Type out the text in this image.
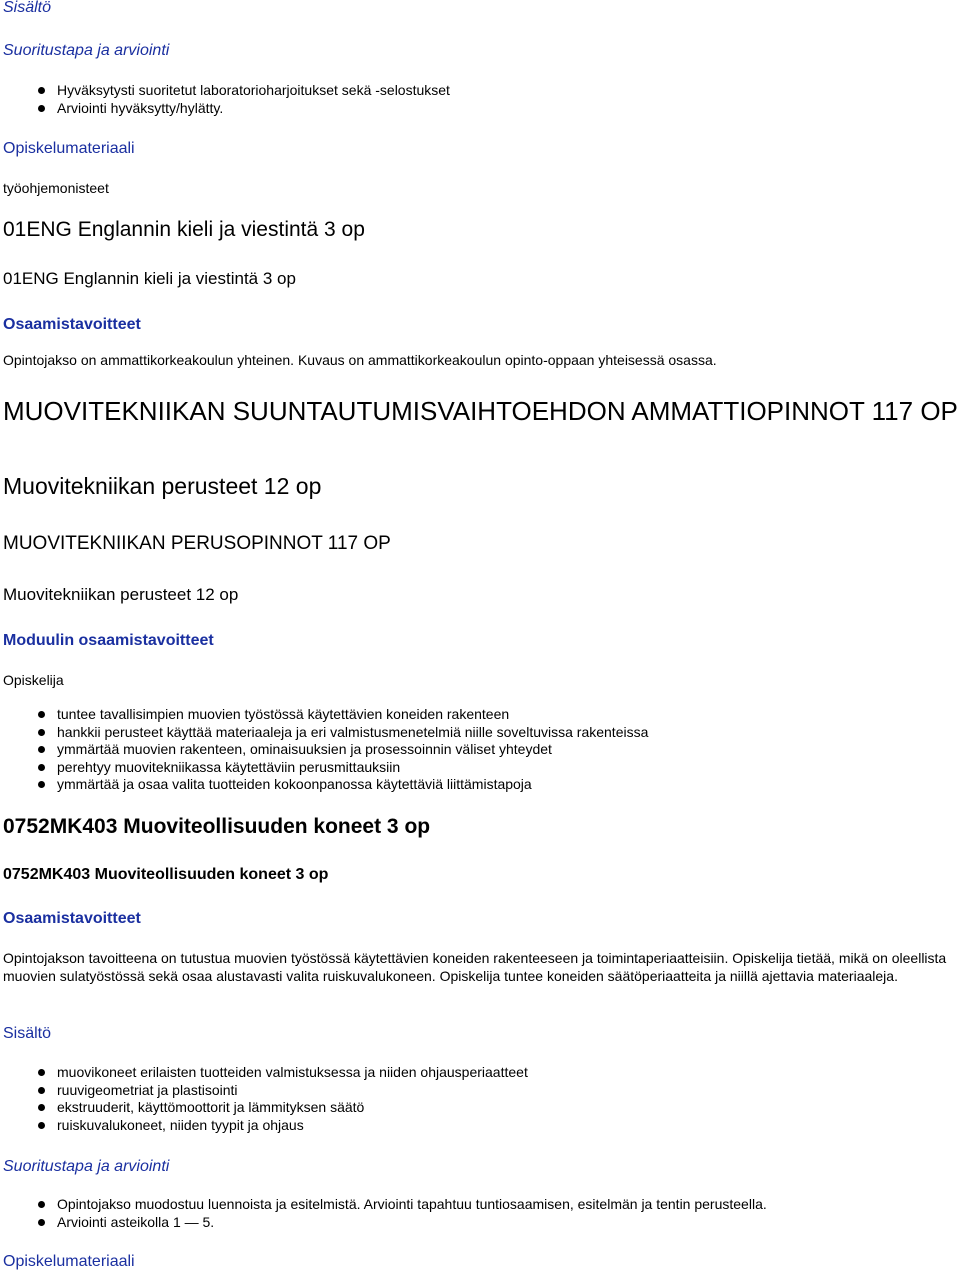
Sisältö

Suoritustapa ja arviointi

Hyväksytysti suoritetut laboratorioharjoitukset sekä -selostukset
Arviointi hyväksytty/hylätty.

Opiskelumateriaali

työohjemonisteet

01ENG Englannin kieli ja viestintä 3 op

01ENG Englannin kieli ja viestintä 3 op

Osaamistavoitteet

Opintojakso on ammattikorkeakoulun yhteinen. Kuvaus on ammattikorkeakoulun opinto-oppaan yhteisessä osassa.

MUOVITEKNIIKAN SUUNTAUTUMISVAIHTOEHDON AMMATTIOPINNOT 117 OP

Muovitekniikan perusteet 12 op

MUOVITEKNIIKAN PERUSOPINNOT 117 OP

Muovitekniikan perusteet 12 op

Moduulin osaamistavoitteet

Opiskelija

tuntee tavallisimpien muovien työstössä käytettävien koneiden rakenteen
hankkii perusteet käyttää materiaaleja ja eri valmistusmenetelmiä niille soveltuvissa rakenteissa
ymmärtää muovien rakenteen, ominaisuuksien ja prosessoinnin väliset yhteydet
perehtyy muovitekniikassa käytettäviin perusmittauksiin
ymmärtää ja osaa valita tuotteiden kokoonpanossa käytettäviä liittämistapoja

0752MK403 Muoviteollisuuden koneet 3 op

0752MK403 Muoviteollisuuden koneet 3 op

Osaamistavoitteet

Opintojakson tavoitteena on tutustua muovien työstössä käytettävien koneiden rakenteeseen ja toimintaperiaatteisiin. Opiskelija tietää, mikä on oleellista muovien sulatyöstössä sekä osaa alustavasti valita ruiskuvalukoneen. Opiskelija tuntee koneiden säätöperiaatteita ja niillä ajettavia materiaaleja.

Sisältö

muovikoneet erilaisten tuotteiden valmistuksessa ja niiden ohjausperiaatteet
ruuvigeometriat ja plastisointi
ekstruuderit, käyttömoottorit ja lämmityksen säätö
ruiskuvalukoneet, niiden tyypit ja ohjaus

Suoritustapa ja arviointi

Opintojakso muodostuu luennoista ja esitelmistä. Arviointi tapahtuu tuntiosaamisen, esitelmän ja tentin perusteella.
Arviointi asteikolla 1 — 5.

Opiskelumateriaali
